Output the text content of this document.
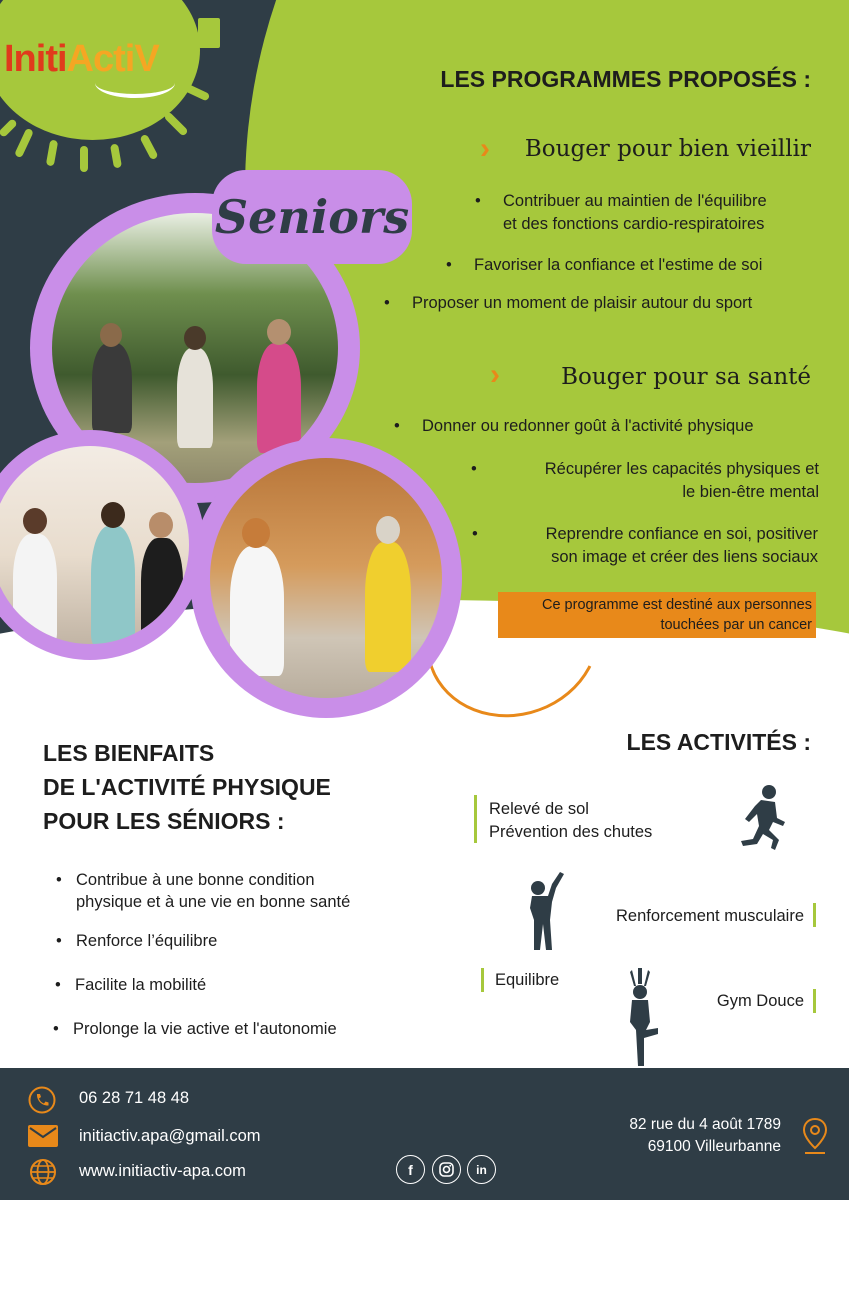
InitiActiV
Seniors
LES PROGRAMMES PROPOSÉS :
› Bouger pour bien vieillir
• Contribuer au maintien de l'équilibre
et des fonctions cardio-respiratoires
• Favoriser la confiance et l'estime de soi
• Proposer un moment de plaisir autour du sport
›	Bouger pour sa santé
• Donner ou redonner goût à l'activité physique
• Récupérer les capacités physiques et
le bien-être mental
• Reprendre confiance en soi, positiver
son image et créer des liens sociaux
Ce programme est destiné aux personnes
touchées par un cancer
LES BIENFAITS
DE L'ACTIVITÉ PHYSIQUE
POUR LES SÉNIORS :
• Contribue à une bonne condition
physique et à une vie en bonne santé
• Renforce l’équilibre
• Facilite la mobilité
• Prolonge la vie active et l'autonomie
LES ACTIVITÉS :
Relevé de sol
Prévention des chutes
Renforcement musculaire
Equilibre
Gym Douce
06 28 71 48 48
initiactiv.apa@gmail.com
www.initiactiv-apa.com	f	in
82 rue du 4 août 1789
69100 Villeurbanne
